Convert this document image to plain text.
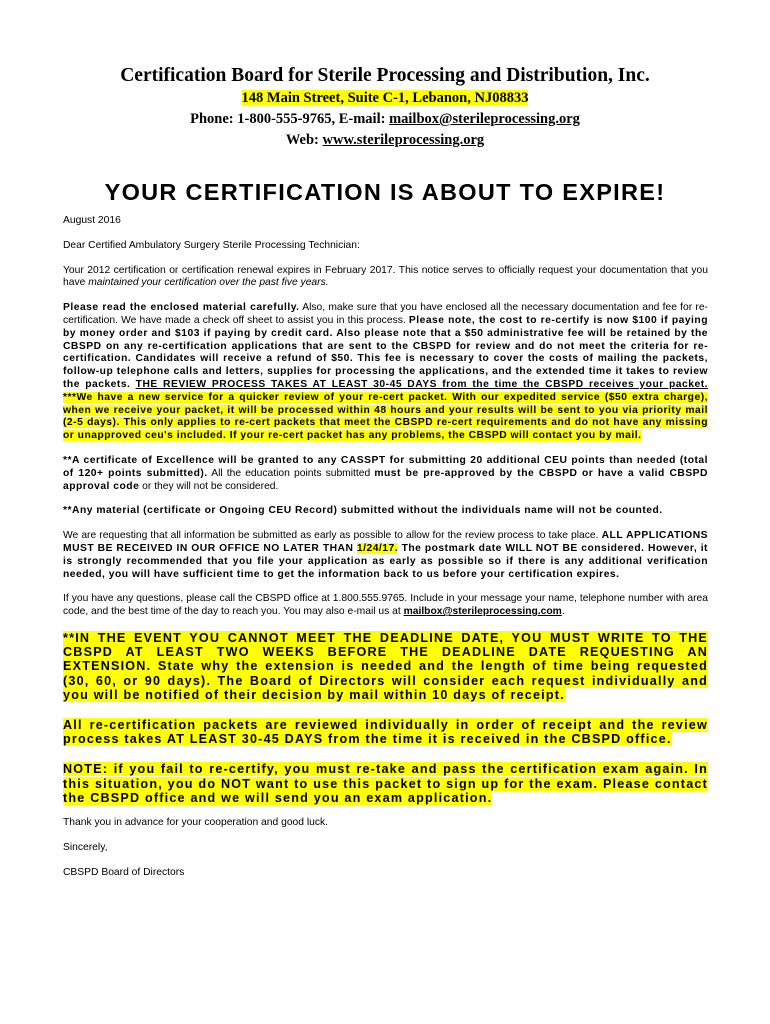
Certification Board for Sterile Processing and Distribution, Inc.
148 Main Street, Suite C-1, Lebanon, NJ08833
Phone: 1-800-555-9765, E-mail: mailbox@sterileprocessing.org
Web: www.sterileprocessing.org
YOUR CERTIFICATION IS ABOUT TO EXPIRE!

August 2016

Dear Certified Ambulatory Surgery Sterile Processing Technician:

Your 2012 certification or certification renewal expires in February 2017. This notice serves to officially request your documentation that you have maintained your certification over the past five years.

Please read the enclosed material carefully. Also, make sure that you have enclosed all the necessary documentation and fee for re-certification. We have made a check off sheet to assist you in this process. Please note, the cost to re-certify is now $100 if paying by money order and $103 if paying by credit card. Also please note that a $50 administrative fee will be retained by the CBSPD on any re-certification applications that are sent to the CBSPD for review and do not meet the criteria for re-certification. Candidates will receive a refund of $50. This fee is necessary to cover the costs of mailing the packets, follow-up telephone calls and letters, supplies for processing the applications, and the extended time it takes to review the packets. THE REVIEW PROCESS TAKES AT LEAST 30-45 DAYS from the time the CBSPD receives your packet. ***We have a new service for a quicker review of your re-cert packet. With our expedited service ($50 extra charge), when we receive your packet, it will be processed within 48 hours and your results will be sent to you via priority mail (2-5 days). This only applies to re-cert packets that meet the CBSPD re-cert requirements and do not have any missing or unapproved ceu's included. If your re-cert packet has any problems, the CBSPD will contact you by mail.

**A certificate of Excellence will be granted to any CASSPT for submitting 20 additional CEU points than needed (total of 120+ points submitted). All the education points submitted must be pre-approved by the CBSPD or have a valid CBSPD approval code or they will not be considered.

**Any material (certificate or Ongoing CEU Record) submitted without the individuals name will not be counted.

We are requesting that all information be submitted as early as possible to allow for the review process to take place. ALL APPLICATIONS MUST BE RECEIVED IN OUR OFFICE NO LATER THAN 1/24/17. The postmark date WILL NOT BE considered. However, it is strongly recommended that you file your application as early as possible so if there is any additional verification needed, you will have sufficient time to get the information back to us before your certification expires.

If you have any questions, please call the CBSPD office at 1.800.555.9765. Include in your message your name, telephone number with area code, and the best time of the day to reach you. You may also e-mail us at mailbox@sterileprocessing.com.

**IN THE EVENT YOU CANNOT MEET THE DEADLINE DATE, YOU MUST WRITE TO THE CBSPD AT LEAST TWO WEEKS BEFORE THE DEADLINE DATE REQUESTING AN EXTENSION. State why the extension is needed and the length of time being requested (30, 60, or 90 days). The Board of Directors will consider each request individually and you will be notified of their decision by mail within 10 days of receipt.

All re-certification packets are reviewed individually in order of receipt and the review process takes AT LEAST 30-45 DAYS from the time it is received in the CBSPD office.

NOTE: if you fail to re-certify, you must re-take and pass the certification exam again. In this situation, you do NOT want to use this packet to sign up for the exam. Please contact the CBSPD office and we will send you an exam application.

Thank you in advance for your cooperation and good luck.

Sincerely,

CBSPD Board of Directors
